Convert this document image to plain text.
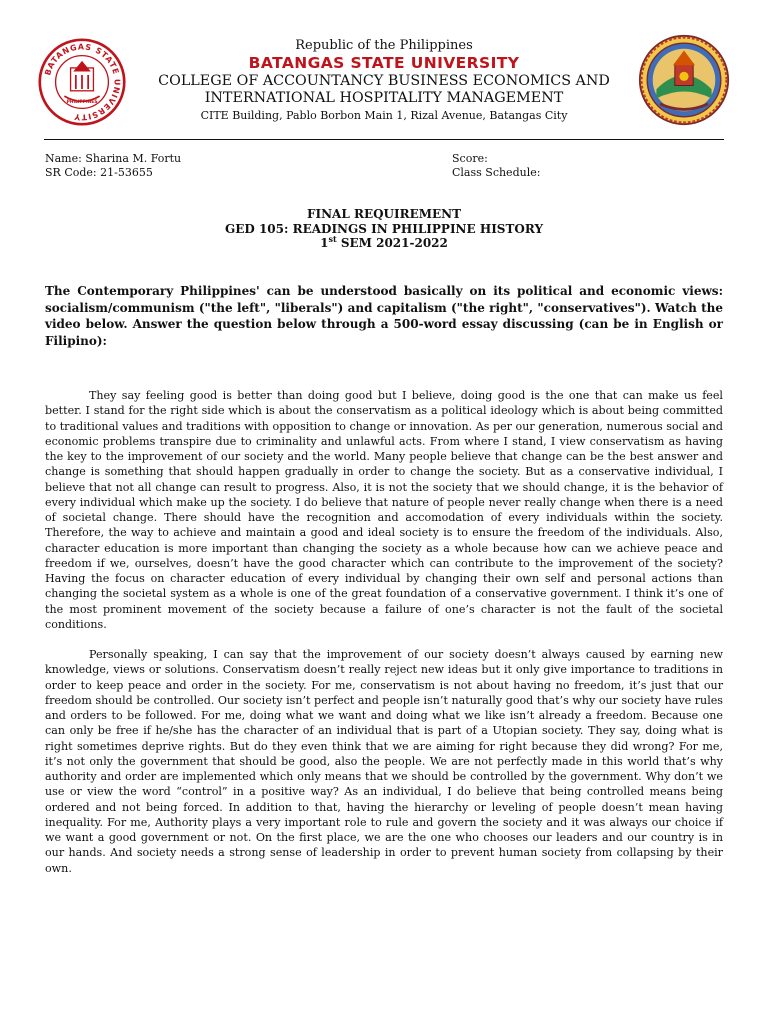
BATANGAS STATE UNIVERSITY
PHILIPPINES
Republic of the Philippines
BATANGAS STATE UNIVERSITY
COLLEGE OF ACCOUNTANCY BUSINESS ECONOMICS AND
INTERNATIONAL HOSPITALITY MANAGEMENT
CITE Building, Pablo Borbon Main 1, Rizal Avenue, Batangas City
Name: Sharina M. Fortu
SR Code: 21-53655
Score:
Class Schedule:
FINAL REQUIREMENT
GED 105: READINGS IN PHILIPPINE HISTORY
1st SEM 2021-2022
The Contemporary Philippines' can be understood basically on its political and economic views: socialism/communism ("the left", "liberals") and capitalism ("the right", "conservatives"). Watch the video below. Answer the question below through a 500-word essay discussing (can be in English or Filipino):

They say feeling good is better than doing good but I believe, doing good is the one that can make us feel better. I stand for the right side which is about the conservatism as a political ideology which is about being committed to traditional values and traditions with opposition to change or innovation. As per our generation, numerous social and economic problems transpire due to criminality and unlawful acts. From where I stand, I view conservatism as having the key to the improvement of our society and the world. Many people believe that change can be the best answer and change is something that should happen gradually in order to change the society. But as a conservative individual, I believe that not all change can result to progress. Also, it is not the society that we should change, it is the behavior of every individual which make up the society. I do believe that nature of people never really change when there is a need of societal change. There should have the recognition and accomodation of every individuals within the society. Therefore, the way to achieve and maintain a good and ideal society is to ensure the freedom of the individuals. Also, character education is more important than changing the society as a whole because how can we achieve peace and freedom if we, ourselves, doesn’t have the good character which can contribute to the improvement of the society? Having the focus on character education of every individual by changing their own self and personal actions than changing the societal system as a whole is one of the great foundation of a conservative government. I think it’s one of the most prominent movement of the society because a failure of one’s character is not the fault of the societal conditions.

Personally speaking, I can say that the improvement of our society doesn’t always caused by earning new knowledge, views or solutions. Conservatism doesn’t really reject new ideas but it only give importance to traditions in order to keep peace and order in the society. For me, conservatism is not about having no freedom, it’s just that our freedom should be controlled. Our society isn’t perfect and people isn’t naturally good that’s why our society have rules and orders to be followed. For me, doing what we want and doing what we like isn’t already a freedom. Because one can only be free if he/she has the character of an individual that is part of a Utopian society. They say, doing what is right sometimes deprive rights. But do they even think that we are aiming for right because they did wrong? For me, it’s not only the government that should be good, also the people. We are not perfectly made in this world that’s why authority and order are implemented which only means that we should be controlled by the government. Why don’t we use or view the word “control” in a positive way? As an individual, I do believe that being controlled means being ordered and not being forced. In addition to that, having the hierarchy or leveling of people doesn’t mean having inequality. For me, Authority plays a very important role to rule and govern the society and it was always our choice if we want a good government or not. On the first place, we are the one who chooses our leaders and our country is in our hands. And society needs a strong sense of leadership in order to prevent human society from collapsing by their own.
